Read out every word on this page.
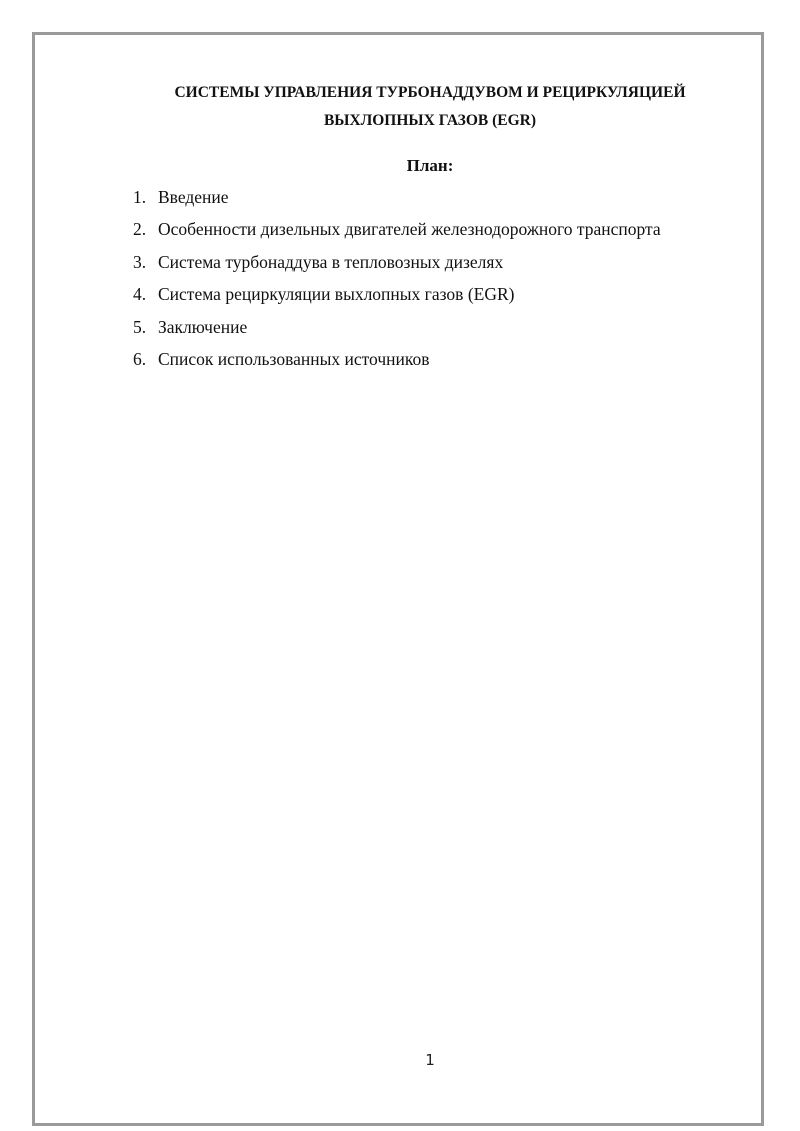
СИСТЕМЫ УПРАВЛЕНИЯ ТУРБОНАДДУВОМ И РЕЦИРКУЛЯЦИЕЙ
ВЫХЛОПНЫХ ГАЗОВ (EGR)
План:
1. Введение
2. Особенности дизельных двигателей железнодорожного транспорта
3. Система турбонаддува в тепловозных дизелях
4. Система рециркуляции выхлопных газов (EGR)
5. Заключение
6. Список использованных источников
1
